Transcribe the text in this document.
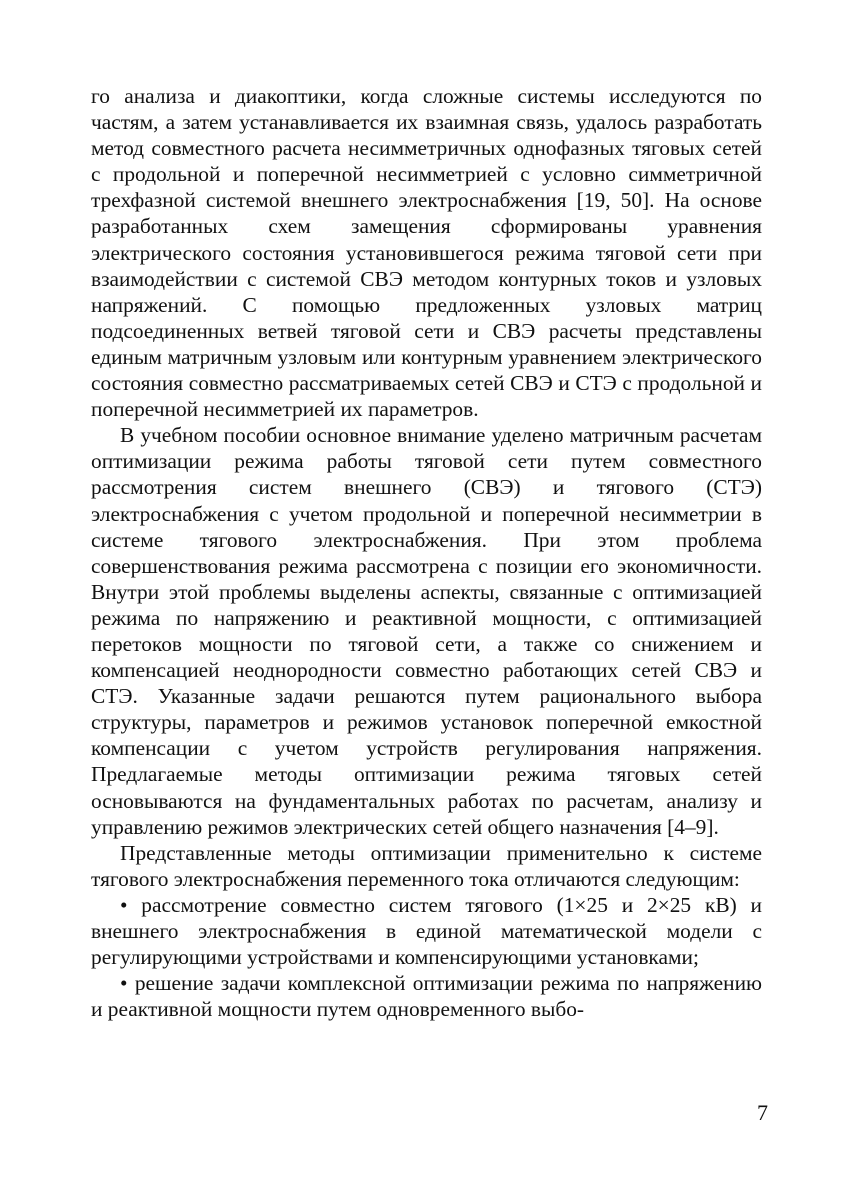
го анализа и диакоптики, когда сложные системы исследуются по частям, а затем устанавливается их взаимная связь, удалось разработать метод совместного расчета несимметричных однофазных тяговых сетей с продольной и поперечной несимметрией с условно симметричной трехфазной системой внешнего электроснабжения [19, 50]. На основе разработанных схем замещения сформированы уравнения электрического состояния установившегося режима тяговой сети при взаимодействии с системой СВЭ методом контурных токов и узловых напряжений. С помощью предложенных узловых матриц подсоединенных ветвей тяговой сети и СВЭ расчеты представлены единым матричным узловым или контурным уравнением электрического состояния совместно рассматриваемых сетей СВЭ и СТЭ с продольной и поперечной несимметрией их параметров.

В учебном пособии основное внимание уделено матричным расчетам оптимизации режима работы тяговой сети путем совместного рассмотрения систем внешнего (СВЭ) и тягового (СТЭ) электроснабжения с учетом продольной и поперечной несимметрии в системе тягового электроснабжения. При этом проблема совершенствования режима рассмотрена с позиции его экономичности. Внутри этой проблемы выделены аспекты, связанные с оптимизацией режима по напряжению и реактивной мощности, с оптимизацией перетоков мощности по тяговой сети, а также со снижением и компенсацией неоднородности совместно работающих сетей СВЭ и СТЭ. Указанные задачи решаются путем рационального выбора структуры, параметров и режимов установок поперечной емкостной компенсации с учетом устройств регулирования напряжения. Предлагаемые методы оптимизации режима тяговых сетей основываются на фундаментальных работах по расчетам, анализу и управлению режимов электрических сетей общего назначения [4–9].

Представленные методы оптимизации применительно к системе тягового электроснабжения переменного тока отличаются следующим:

• рассмотрение совместно систем тягового (1×25 и 2×25 кВ) и внешнего электроснабжения в единой математической модели с регулирующими устройствами и компенсирующими установками;

• решение задачи комплексной оптимизации режима по напряжению и реактивной мощности путем одновременного выбо-

7
